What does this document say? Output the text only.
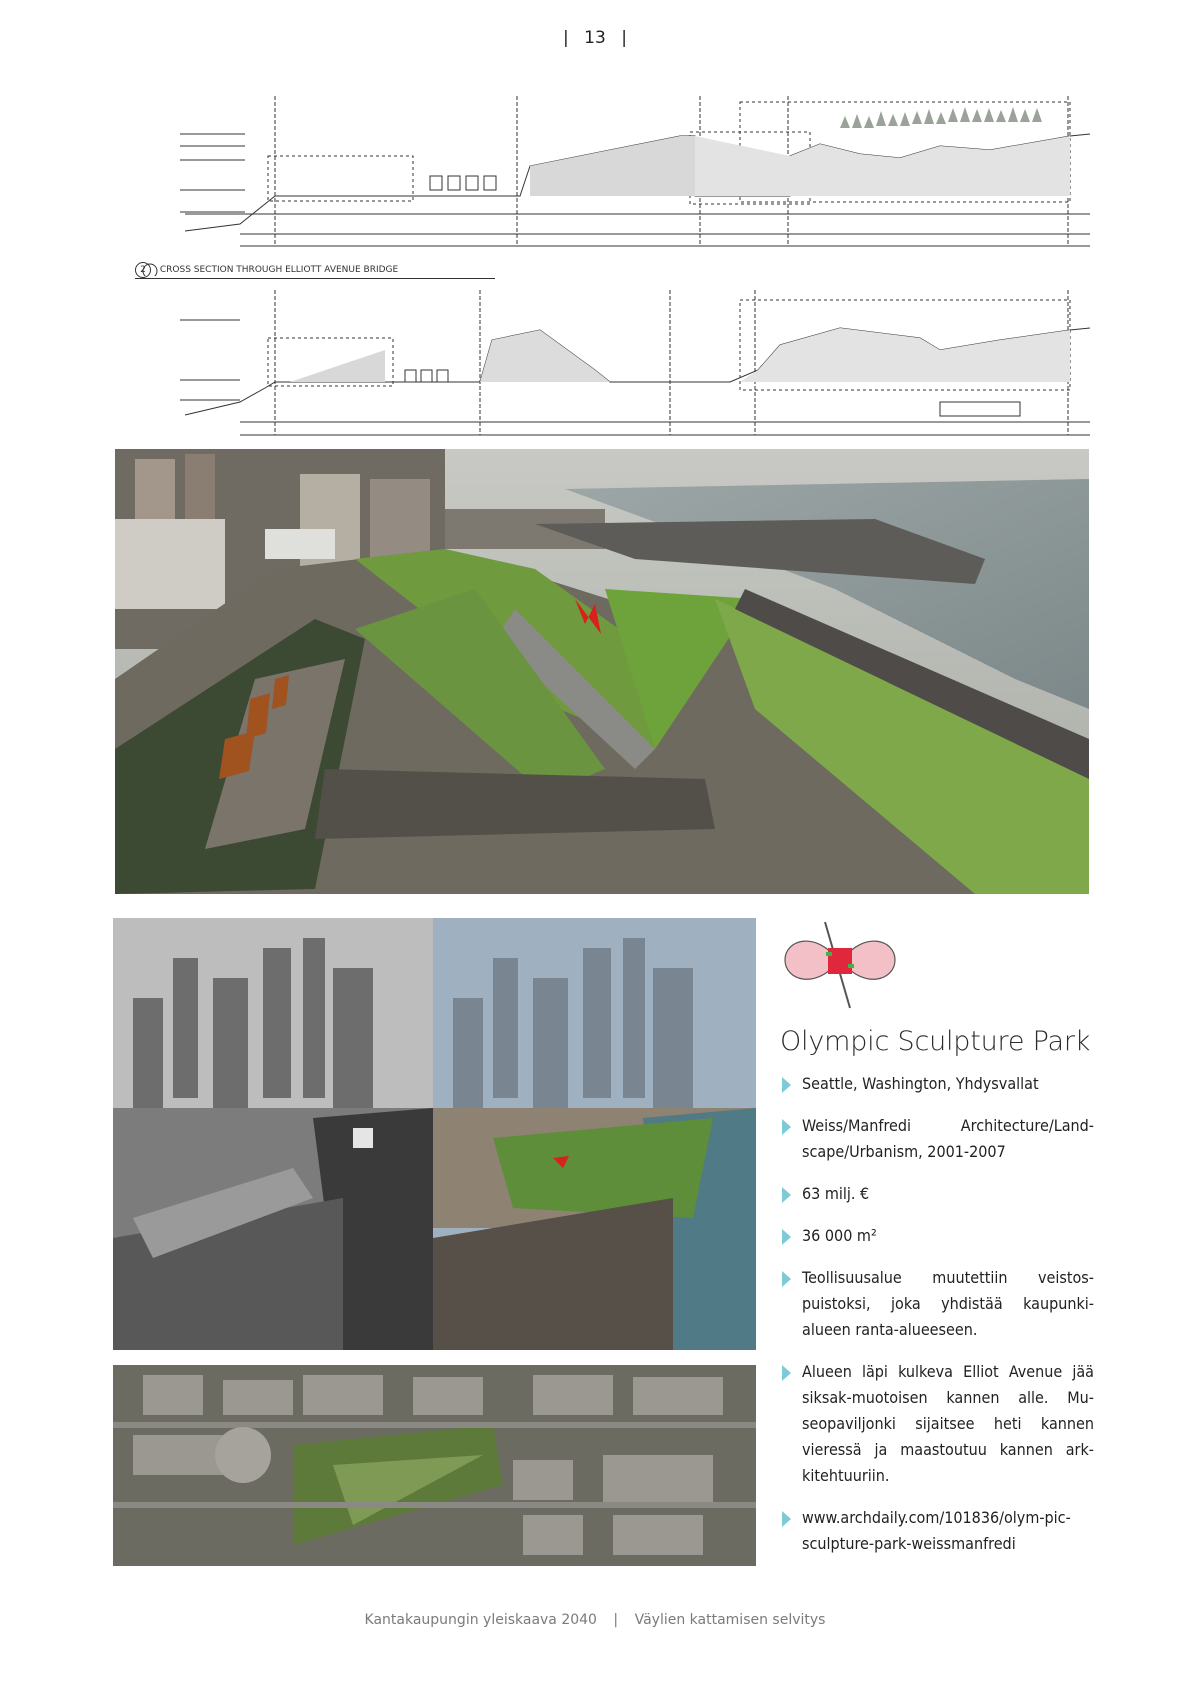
| 13 |
2 CROSS SECTION THROUGH ELLIOTT AVENUE BRIDGE
Olympic Sculpture Park
Seattle, Washington, Yhdysvallat
Weiss/Manfredi Architecture/Land-scape/Urbanism, 2001-2007
63 milj. €
36 000 m²
Teollisuusalue muutettiin veistos-puistoksi, joka yhdistää kaupunki-alueen ranta-alueeseen.
Alueen läpi kulkeva Elliot Avenue jää siksak-muotoisen kannen alle. Mu-seopaviljonki sijaitsee heti kannen vieressä ja maastoutuu kannen ark-kitehtuuriin.
www.archdaily.com/101836/olym-pic-sculpture-park-weissmanfredi
Kantakaupungin yleiskaava 2040 | Väylien kattamisen selvitys
